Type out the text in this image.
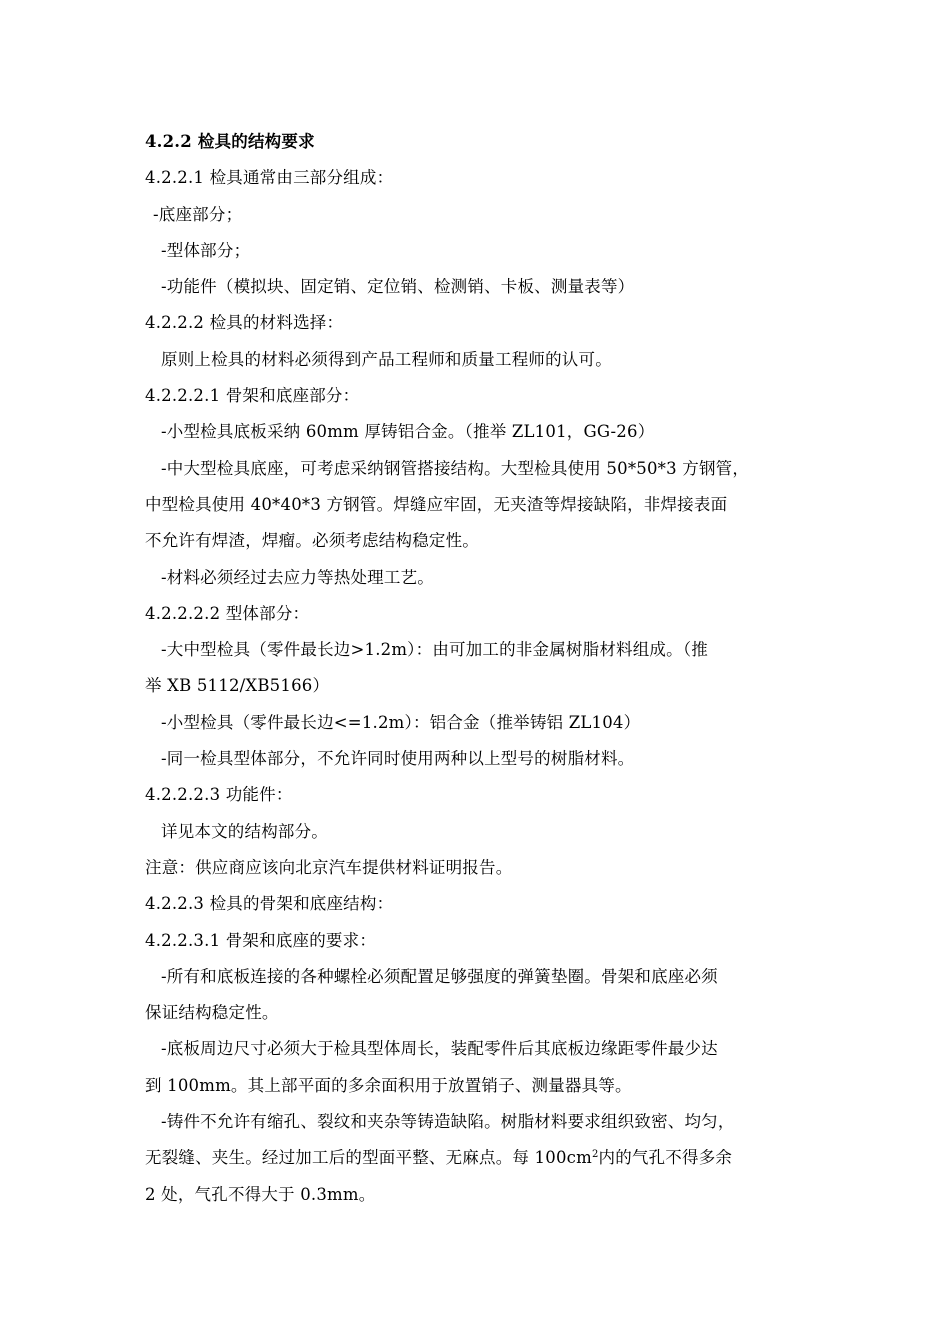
4.2.2 检具的结构要求
4.2.2.1 检具通常由三部分组成：
-底座部分；
-型体部分；
-功能件（模拟块、固定销、定位销、检测销、卡板、测量表等）
4.2.2.2 检具的材料选择：
原则上检具的材料必须得到产品工程师和质量工程师的认可。
4.2.2.2.1 骨架和底座部分：
-小型检具底板采纳 60mm 厚铸铝合金。（推举 ZL101，GG-26）
-中大型检具底座，可考虑采纳钢管搭接结构。大型检具使用 50*50*3 方钢管，
中型检具使用 40*40*3 方钢管。焊缝应牢固，无夹渣等焊接缺陷，非焊接表面
不允许有焊渣，焊瘤。必须考虑结构稳定性。
-材料必须经过去应力等热处理工艺。
4.2.2.2.2 型体部分：
-大中型检具（零件最长边>1.2m）：由可加工的非金属树脂材料组成。（推
举 XB 5112/XB5166）
-小型检具（零件最长边<=1.2m）：铝合金（推举铸铝 ZL104）
-同一检具型体部分，不允许同时使用两种以上型号的树脂材料。
4.2.2.2.3 功能件：
详见本文的结构部分。
注意：供应商应该向北京汽车提供材料证明报告。
4.2.2.3 检具的骨架和底座结构：
4.2.2.3.1 骨架和底座的要求：
-所有和底板连接的各种螺栓必须配置足够强度的弹簧垫圈。骨架和底座必须
保证结构稳定性。
-底板周边尺寸必须大于检具型体周长，装配零件后其底板边缘距零件最少达
到 100mm。其上部平面的多余面积用于放置销子、测量器具等。
-铸件不允许有缩孔、裂纹和夹杂等铸造缺陷。树脂材料要求组织致密、均匀，
无裂缝、夹生。经过加工后的型面平整、无麻点。每 $100cm^2$内的气孔不得多余
2 处，气孔不得大于 0.3mm。
